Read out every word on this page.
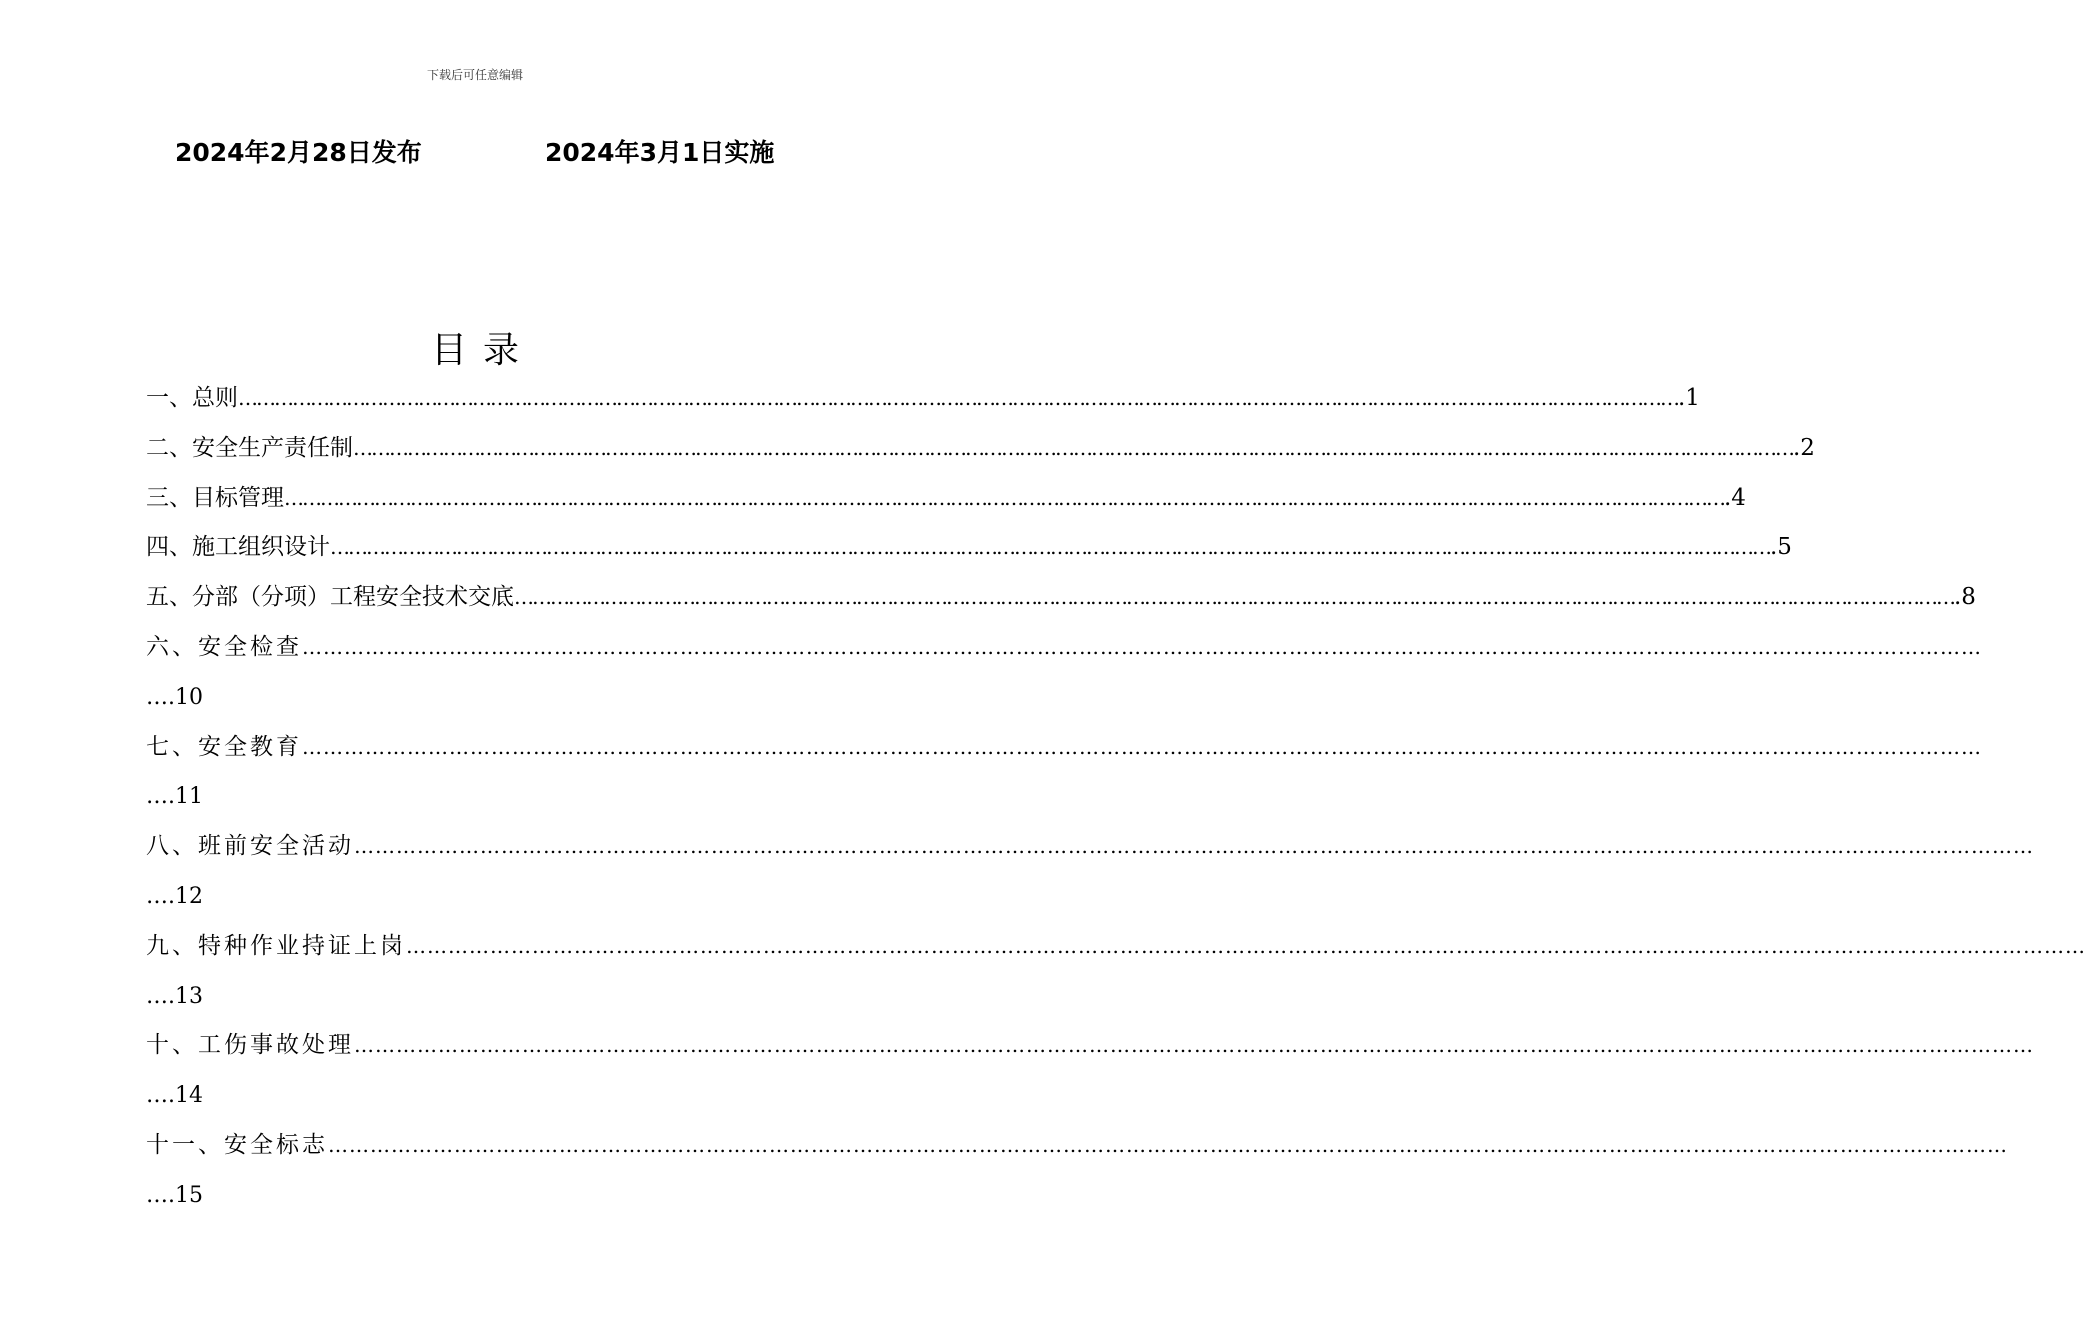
下载后可任意编辑
2024年2月28日发布	2024年3月1日实施
目录
一、总则 …………………………………………………………………………………………………………………………………………………………………………………………………………………… .1
二、安全生产责任制 …………………………………………………………………………………………………………………………………………………………………………………………………………………… .2
三、目标管理 …………………………………………………………………………………………………………………………………………………………………………………………………………………… .4
四、施工组织设计 …………………………………………………………………………………………………………………………………………………………………………………………………………………… .5
五、分部（分项）工程安全技术交底 …………………………………………………………………………………………………………………………………………………………………………………………………………………… .8
六、安全检查 ……………………………………………………………………………………………………………………………………………………………………………………………………………………
….10
七、安全教育 ……………………………………………………………………………………………………………………………………………………………………………………………………………………
….11
八、班前安全活动 ……………………………………………………………………………………………………………………………………………………………………………………………………………………
….12
九、特种作业持证上岗 ……………………………………………………………………………………………………………………………………………………………………………………………………………………
….13
十、工伤事故处理 ……………………………………………………………………………………………………………………………………………………………………………………………………………………
….14
十一、安全标志 ……………………………………………………………………………………………………………………………………………………………………………………………………………………
….15
